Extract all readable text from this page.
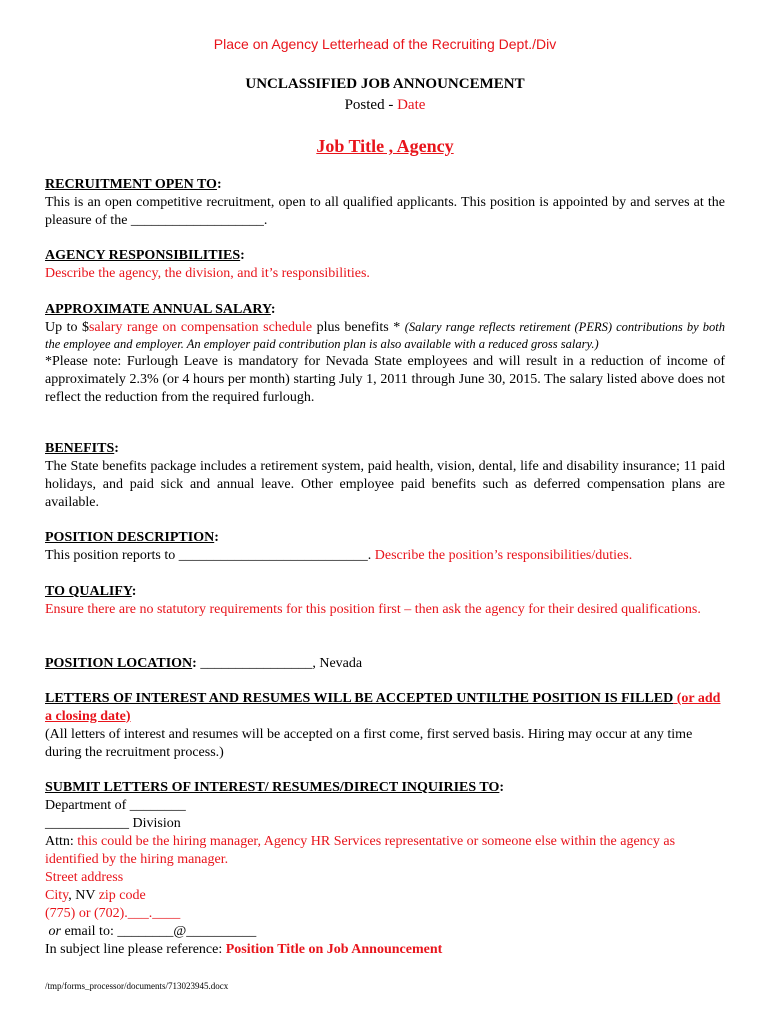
Place on Agency Letterhead of the Recruiting Dept./Div
UNCLASSIFIED JOB ANNOUNCEMENT
Posted - Date
Job Title , Agency
RECRUITMENT OPEN TO:
This is an open competitive recruitment, open to all qualified applicants. This position is appointed by and serves at the pleasure of the ___________________.
AGENCY RESPONSIBILITIES:
Describe the agency, the division, and it’s responsibilities.
APPROXIMATE ANNUAL SALARY:
Up to $salary range on compensation schedule plus benefits * (Salary range reflects retirement (PERS) contributions by both the employee and employer. An employer paid contribution plan is also available with a reduced gross salary.)
*Please note: Furlough Leave is mandatory for Nevada State employees and will result in a reduction of income of approximately 2.3% (or 4 hours per month) starting July 1, 2011 through June 30, 2015. The salary listed above does not reflect the reduction from the required furlough.
BENEFITS:
The State benefits package includes a retirement system, paid health, vision, dental, life and disability insurance; 11 paid holidays, and paid sick and annual leave. Other employee paid benefits such as deferred compensation plans are available.
POSITION DESCRIPTION:
This position reports to ___________________________. Describe the position’s responsibilities/duties.
TO QUALIFY:
Ensure there are no statutory requirements for this position first – then ask the agency for their desired qualifications.
POSITION LOCATION: ________________, Nevada
LETTERS OF INTEREST AND RESUMES WILL BE ACCEPTED UNTILTHE POSITION IS FILLED (or add a closing date)
(All letters of interest and resumes will be accepted on a first come, first served basis. Hiring may occur at any time during the recruitment process.)
SUBMIT LETTERS OF INTEREST/ RESUMES/DIRECT INQUIRIES TO:
Department of ________
____________ Division
Attn: this could be the hiring manager, Agency HR Services representative or someone else within the agency as identified by the hiring manager.
Street address
City, NV zip code
(775) or (702).___.____
or email to: ________@__________
In subject line please reference: Position Title on Job Announcement
/tmp/forms_processor/documents/713023945.docx
